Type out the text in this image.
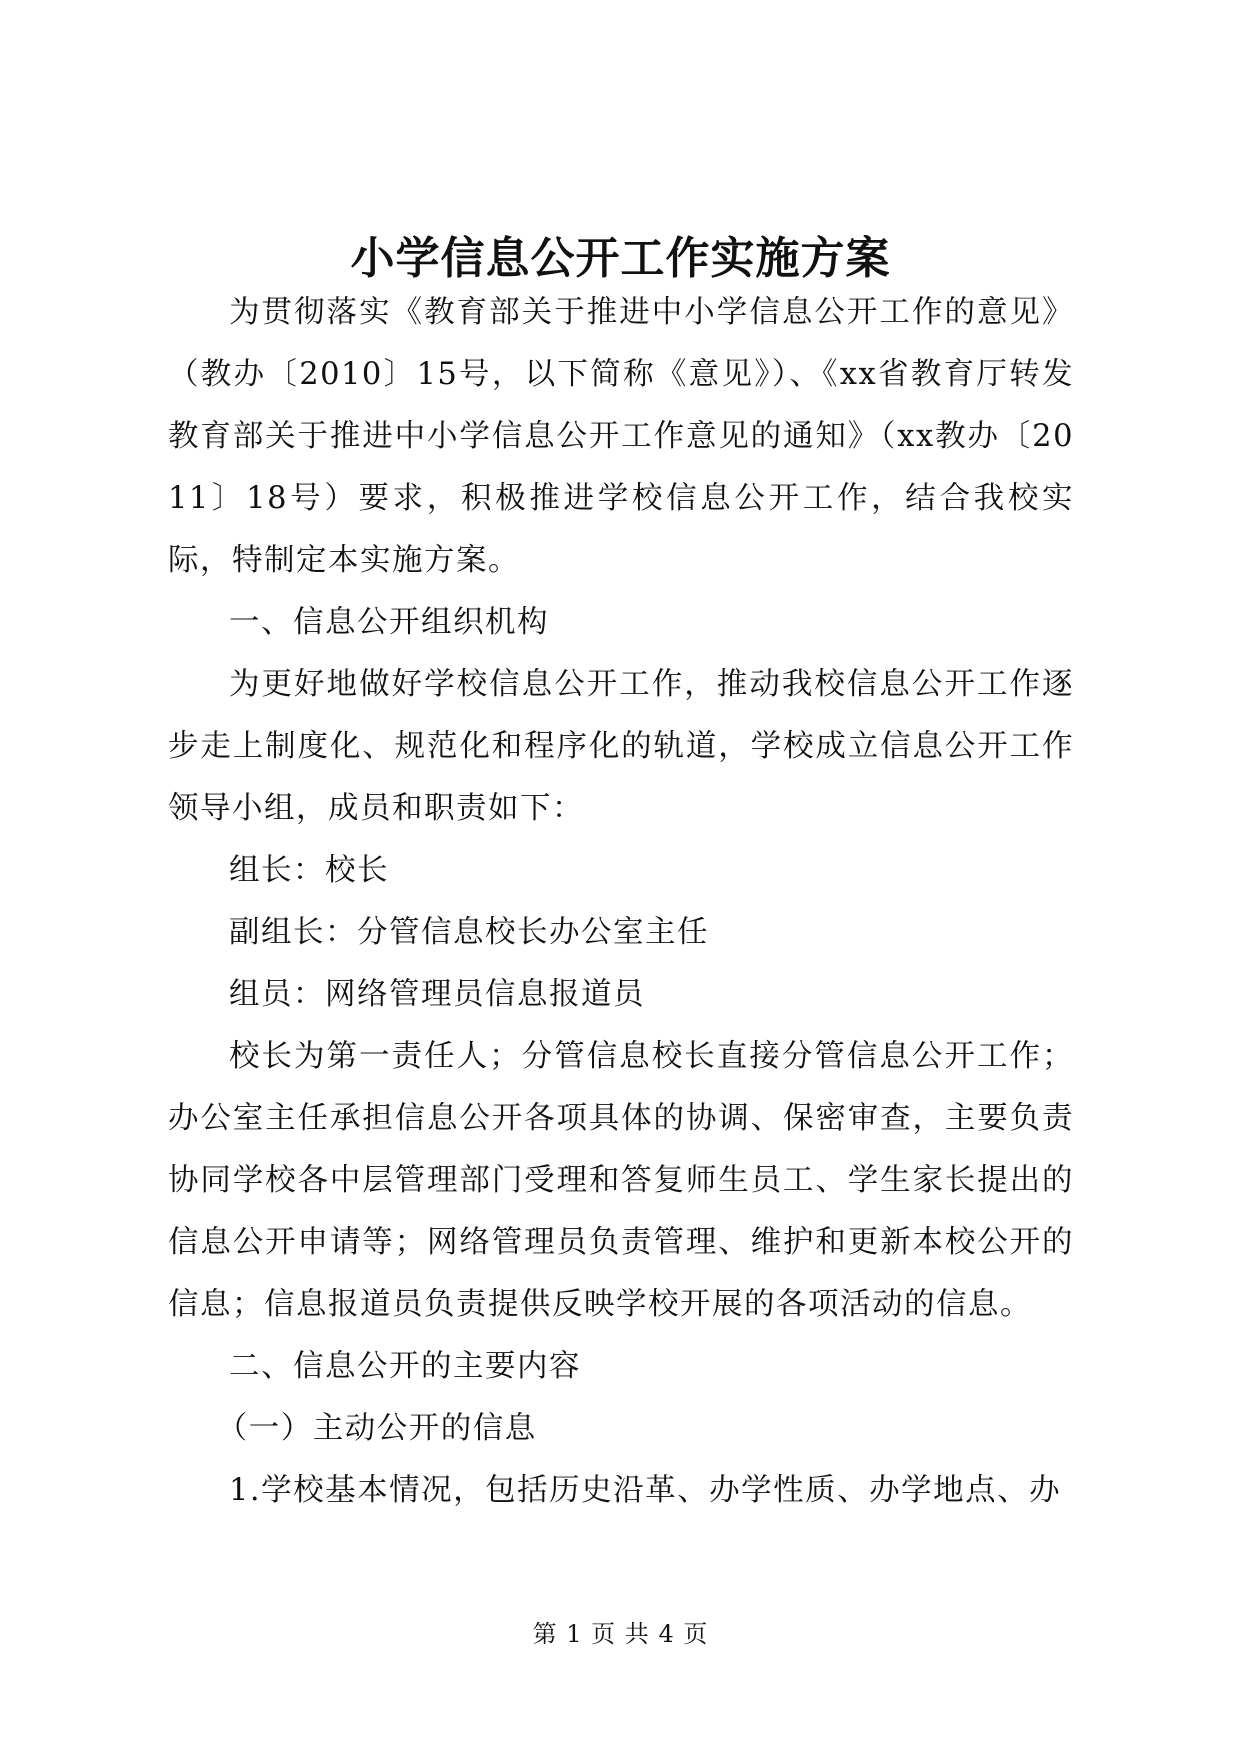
小学信息公开工作实施方案

为贯彻落实《教育部关于推进中小学信息公开工作的意见》（教办〔2010〕15号，以下简称《意见》）、《xx省教育厅转发教育部关于推进中小学信息公开工作意见的通知》（xx教办〔2011〕18号）要求，积极推进学校信息公开工作，结合我校实际，特制定本实施方案。

一、信息公开组织机构

为更好地做好学校信息公开工作，推动我校信息公开工作逐步走上制度化、规范化和程序化的轨道，学校成立信息公开工作领导小组，成员和职责如下：

组长：校长

副组长：分管信息校长办公室主任

组员：网络管理员信息报道员

校长为第一责任人；分管信息校长直接分管信息公开工作；办公室主任承担信息公开各项具体的协调、保密审查，主要负责协同学校各中层管理部门受理和答复师生员工、学生家长提出的信息公开申请等；网络管理员负责管理、维护和更新本校公开的信息；信息报道员负责提供反映学校开展的各项活动的信息。

二、信息公开的主要内容

（一）主动公开的信息

1.学校基本情况，包括历史沿革、办学性质、办学地点、办

第 1 页 共 4 页
